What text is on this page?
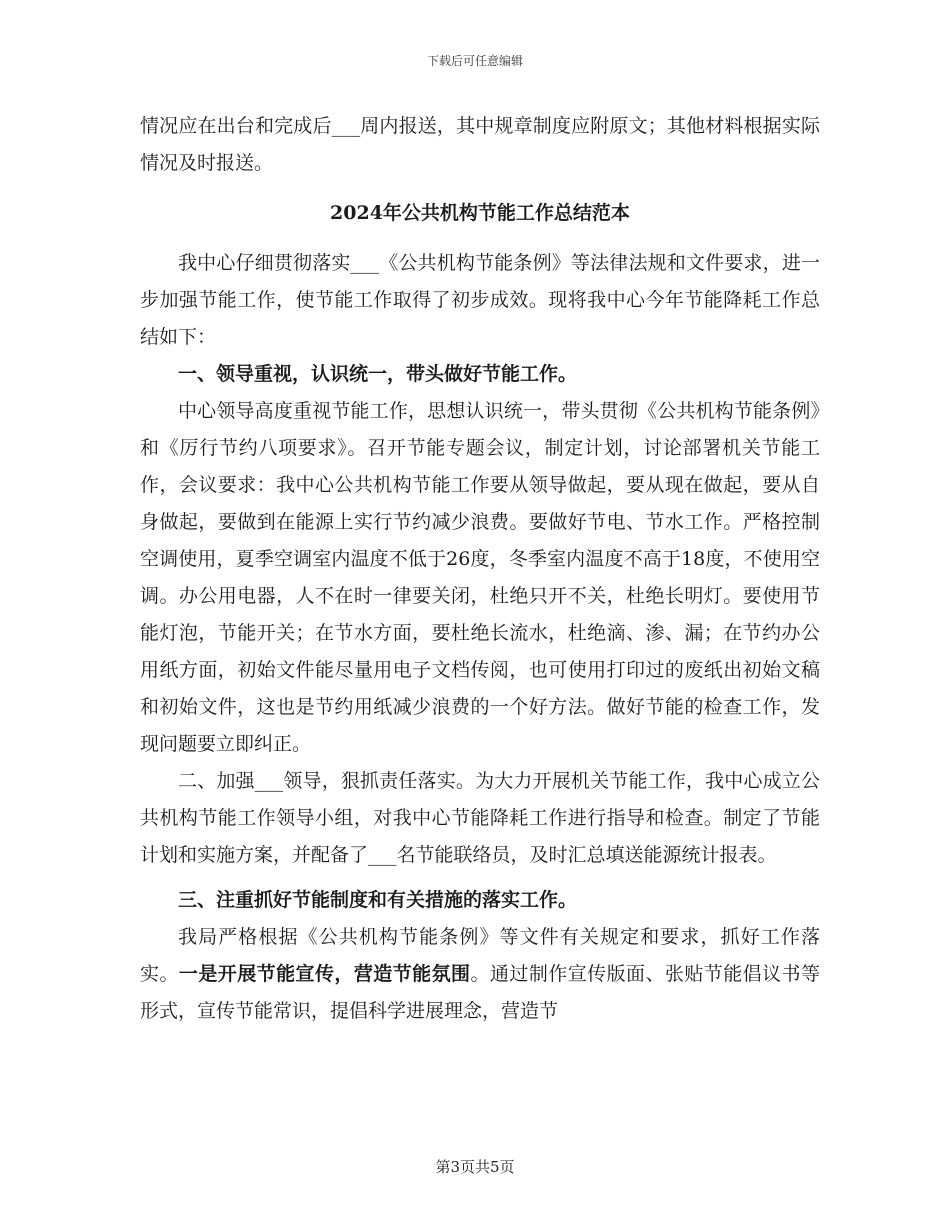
下载后可任意编辑

情况应在出台和完成后___周内报送，其中规章制度应附原文；其他材料根据实际情况及时报送。

2024年公共机构节能工作总结范本

我中心仔细贯彻落实___《公共机构节能条例》等法律法规和文件要求，进一步加强节能工作，使节能工作取得了初步成效。现将我中心今年节能降耗工作总结如下：

一、领导重视，认识统一，带头做好节能工作。

中心领导高度重视节能工作，思想认识统一，带头贯彻《公共机构节能条例》和《厉行节约八项要求》。召开节能专题会议，制定计划，讨论部署机关节能工作，会议要求：我中心公共机构节能工作要从领导做起，要从现在做起，要从自身做起，要做到在能源上实行节约减少浪费。要做好节电、节水工作。严格控制空调使用，夏季空调室内温度不低于26度，冬季室内温度不高于18度，不使用空调。办公用电器，人不在时一律要关闭，杜绝只开不关，杜绝长明灯。要使用节能灯泡，节能开关；在节水方面，要杜绝长流水，杜绝滴、渗、漏；在节约办公用纸方面，初始文件能尽量用电子文档传阅，也可使用打印过的废纸出初始文稿和初始文件，这也是节约用纸减少浪费的一个好方法。做好节能的检查工作，发现问题要立即纠正。

二、加强___领导，狠抓责任落实。为大力开展机关节能工作，我中心成立公共机构节能工作领导小组，对我中心节能降耗工作进行指导和检查。制定了节能计划和实施方案，并配备了___名节能联络员，及时汇总填送能源统计报表。

三、注重抓好节能制度和有关措施的落实工作。

我局严格根据《公共机构节能条例》等文件有关规定和要求，抓好工作落实。一是开展节能宣传，营造节能氛围。通过制作宣传版面、张贴节能倡议书等形式，宣传节能常识，提倡科学进展理念，营造节

第3页共5页
